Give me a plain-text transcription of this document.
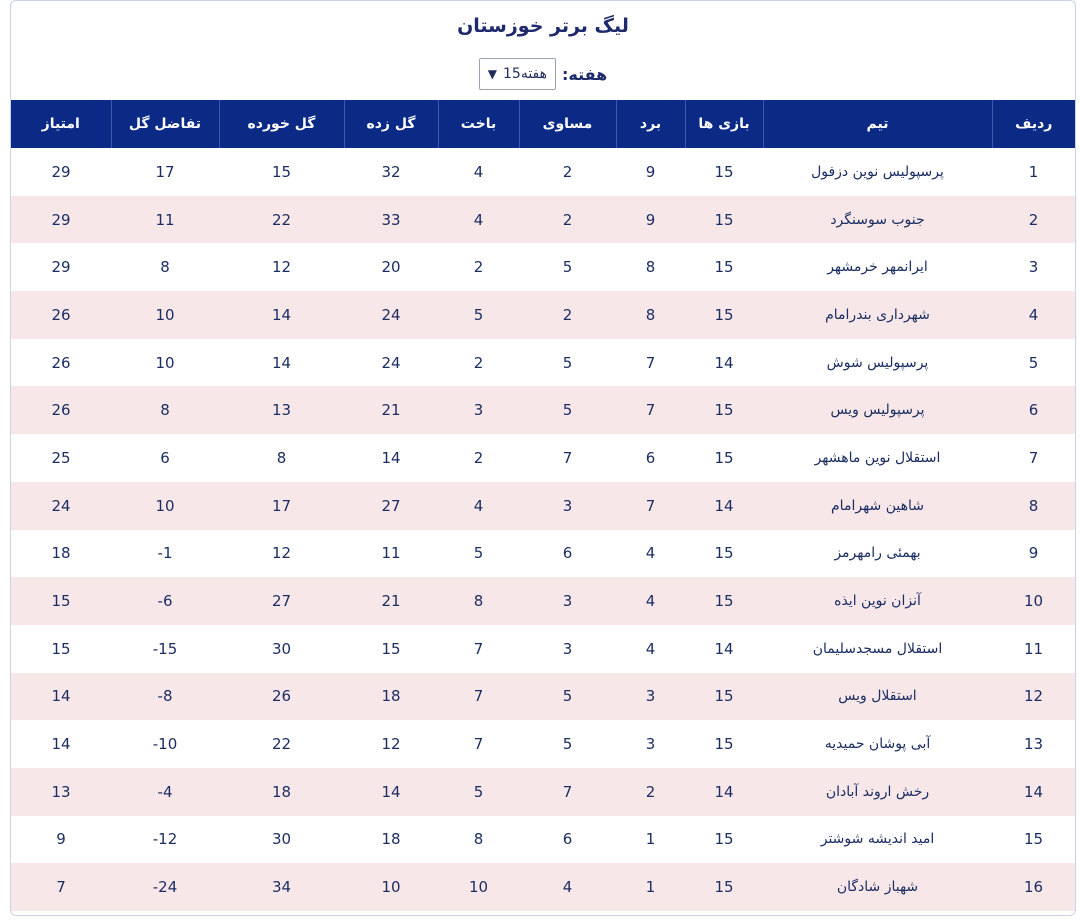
لیگ برتر خوزستان
هفته:
هفته15
▼
ردیف	تیم	بازی ها	برد	مساوی	باخت	گل زده	گل خورده	تفاضل گل	امتیاز
1	پرسپولیس نوین دزفول	15	9	2	4	32	15	17	29
2	جنوب سوسنگرد	15	9	2	4	33	22	11	29
3	ایرانمهر خرمشهر	15	8	5	2	20	12	8	29
4	شهرداری بندرامام	15	8	2	5	24	14	10	26
5	پرسپولیس شوش	14	7	5	2	24	14	10	26
6	پرسپولیس ویس	15	7	5	3	21	13	8	26
7	استقلال نوین ماهشهر	15	6	7	2	14	8	6	25
8	شاهین شهرامام	14	7	3	4	27	17	10	24
9	بهمئی رامهرمز	15	4	6	5	11	12	1-	18
10	آنزان نوین ایذه	15	4	3	8	21	27	6-	15
11	استقلال مسجدسلیمان	14	4	3	7	15	30	15-	15
12	استقلال ویس	15	3	5	7	18	26	8-	14
13	آبی پوشان حمیدیه	15	3	5	7	12	22	10-	14
14	رخش اروند آبادان	14	2	7	5	14	18	4-	13
15	امید اندیشه شوشتر	15	1	6	8	18	30	12-	9
16	شهباز شادگان	15	1	4	10	10	34	24-	7
